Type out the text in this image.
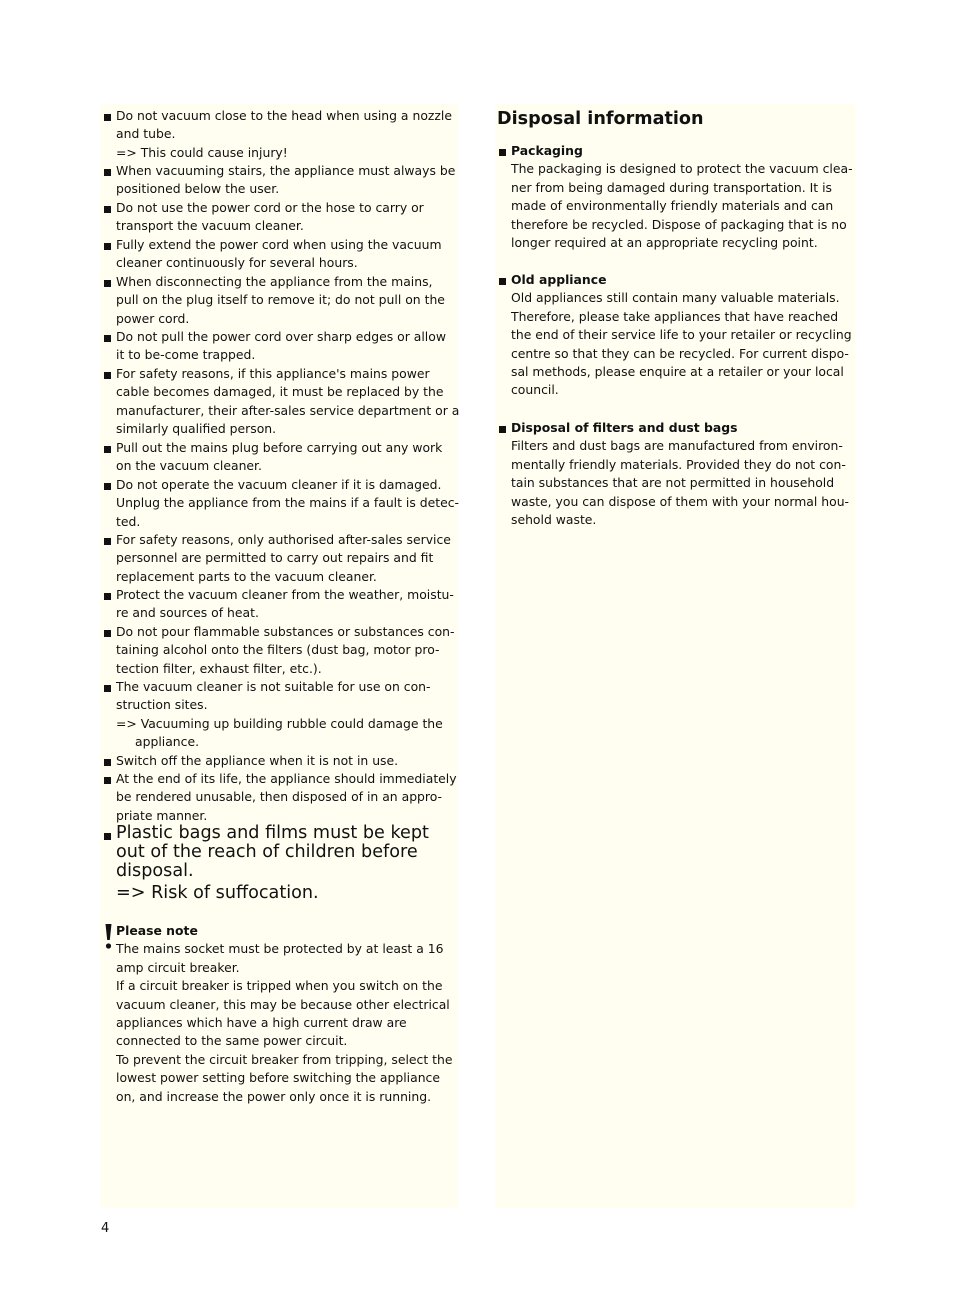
Do not vacuum close to the head when using a nozzle
and tube.
=> This could cause injury!
When vacuuming stairs, the appliance must always be
positioned below the user.
Do not use the power cord or the hose to carry or
transport the vacuum cleaner.
Fully extend the power cord when using the vacuum
cleaner continuously for several hours.
When disconnecting the appliance from the mains,
pull on the plug itself to remove it; do not pull on the
power cord.
Do not pull the power cord over sharp edges or allow
it to be-come trapped.
For safety reasons, if this appliance's mains power
cable becomes damaged, it must be replaced by the
manufacturer, their after-sales service department or a
similarly qualified person.
Pull out the mains plug before carrying out any work
on the vacuum cleaner.
Do not operate the vacuum cleaner if it is damaged.
Unplug the appliance from the mains if a fault is detec-
ted.
For safety reasons, only authorised after-sales service
personnel are permitted to carry out repairs and fit
replacement parts to the vacuum cleaner.
Protect the vacuum cleaner from the weather, moistu-
re and sources of heat.
Do not pour flammable substances or substances con-
taining alcohol onto the filters (dust bag, motor pro-
tection filter, exhaust filter, etc.).
The vacuum cleaner is not suitable for use on con-
struction sites.
=> Vacuuming up building rubble could damage the
appliance.
Switch off the appliance when it is not in use.
At the end of its life, the appliance should immediately
be rendered unusable, then disposed of in an appro-
priate manner.
Plastic bags and films must be kept
out of the reach of children before
disposal.
=> Risk of suffocation.
Please note
The mains socket must be protected by at least a 16
amp circuit breaker.
If a circuit breaker is tripped when you switch on the
vacuum cleaner, this may be because other electrical
appliances which have a high current draw are
connected to the same power circuit.
To prevent the circuit breaker from tripping, select the
lowest power setting before switching the appliance
on, and increase the power only once it is running.
Disposal information
Packaging
The packaging is designed to protect the vacuum clea-
ner from being damaged during transportation. It is
made of environmentally friendly materials and can
therefore be recycled. Dispose of packaging that is no
longer required at an appropriate recycling point.
Old appliance
Old appliances still contain many valuable materials.
Therefore, please take appliances that have reached
the end of their service life to your retailer or recycling
centre so that they can be recycled. For current dispo-
sal methods, please enquire at a retailer or your local
council.
Disposal of filters and dust bags
Filters and dust bags are manufactured from environ-
mentally friendly materials. Provided they do not con-
tain substances that are not permitted in household
waste, you can dispose of them with your normal hou-
sehold waste.
4
